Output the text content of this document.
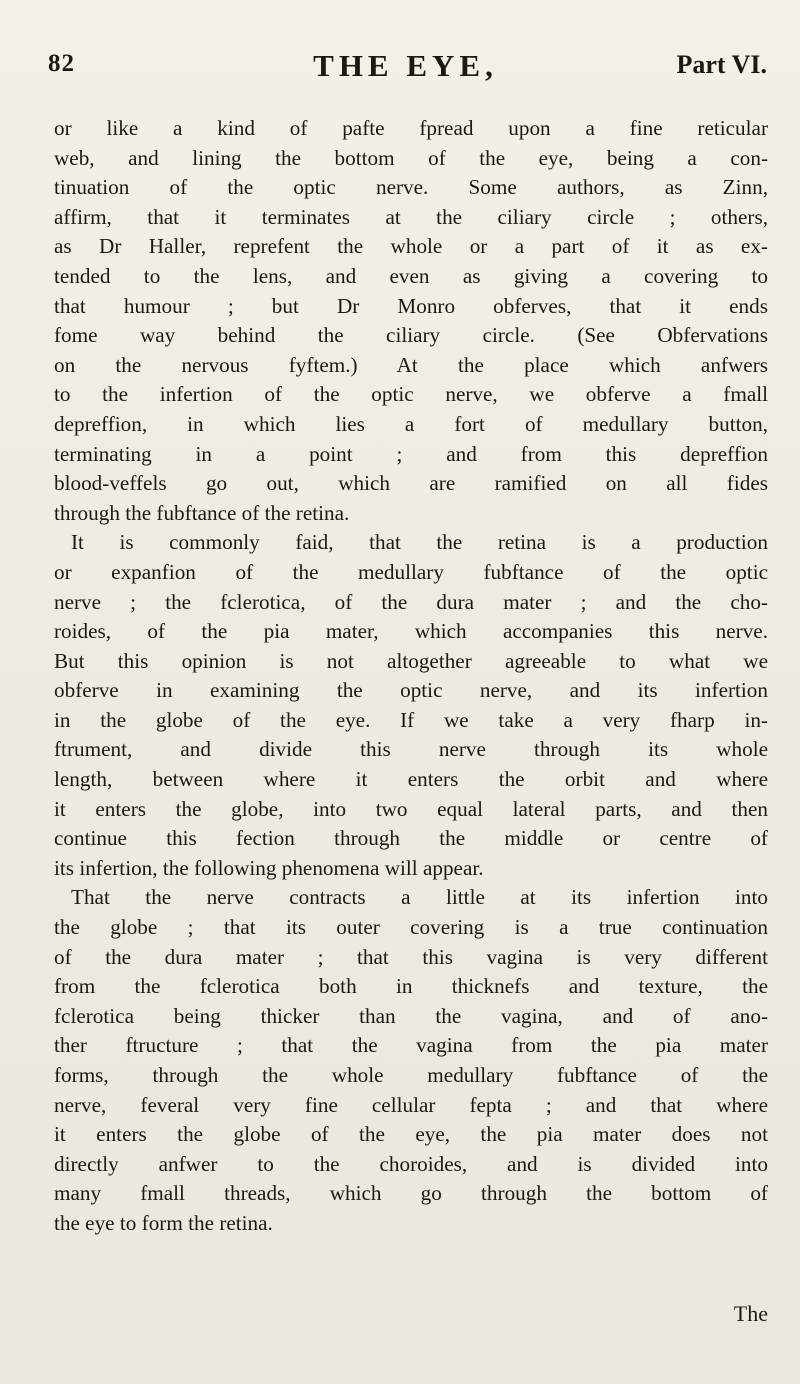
82	THE EYE,	Part VI.
or like a kind of pafte fpread upon a fine reticular
web, and lining the bottom of the eye, being a con-
tinuation of the optic nerve. Some authors, as Zinn,
affirm, that it terminates at the ciliary circle ; others,
as Dr Haller, reprefent the whole or a part of it as ex-
tended to the lens, and even as giving a covering to
that humour ; but Dr Monro obferves, that it ends
fome way behind the ciliary circle. (See Obfervations
on the nervous fyftem.) At the place which anfwers
to the infertion of the optic nerve, we obferve a fmall
depreffion, in which lies a fort of medullary button,
terminating in a point ; and from this depreffion
blood-veffels go out, which are ramified on all fides
through the fubftance of the retina.
It is commonly faid, that the retina is a production
or expanfion of the medullary fubftance of the optic
nerve ; the fclerotica, of the dura mater ; and the cho-
roides, of the pia mater, which accompanies this nerve.
But this opinion is not altogether agreeable to what we
obferve in examining the optic nerve, and its infertion
in the globe of the eye. If we take a very fharp in-
ftrument, and divide this nerve through its whole
length, between where it enters the orbit and where
it enters the globe, into two equal lateral parts, and then
continue this fection through the middle or centre of
its infertion, the following phenomena will appear.
That the nerve contracts a little at its infertion into
the globe ; that its outer covering is a true continuation
of the dura mater ; that this vagina is very different
from the fclerotica both in thicknefs and texture, the
fclerotica being thicker than the vagina, and of ano-
ther ftructure ; that the vagina from the pia mater
forms, through the whole medullary fubftance of the
nerve, feveral very fine cellular fepta ; and that where
it enters the globe of the eye, the pia mater does not
directly anfwer to the choroides, and is divided into
many fmall threads, which go through the bottom of
the eye to form the retina.
The
